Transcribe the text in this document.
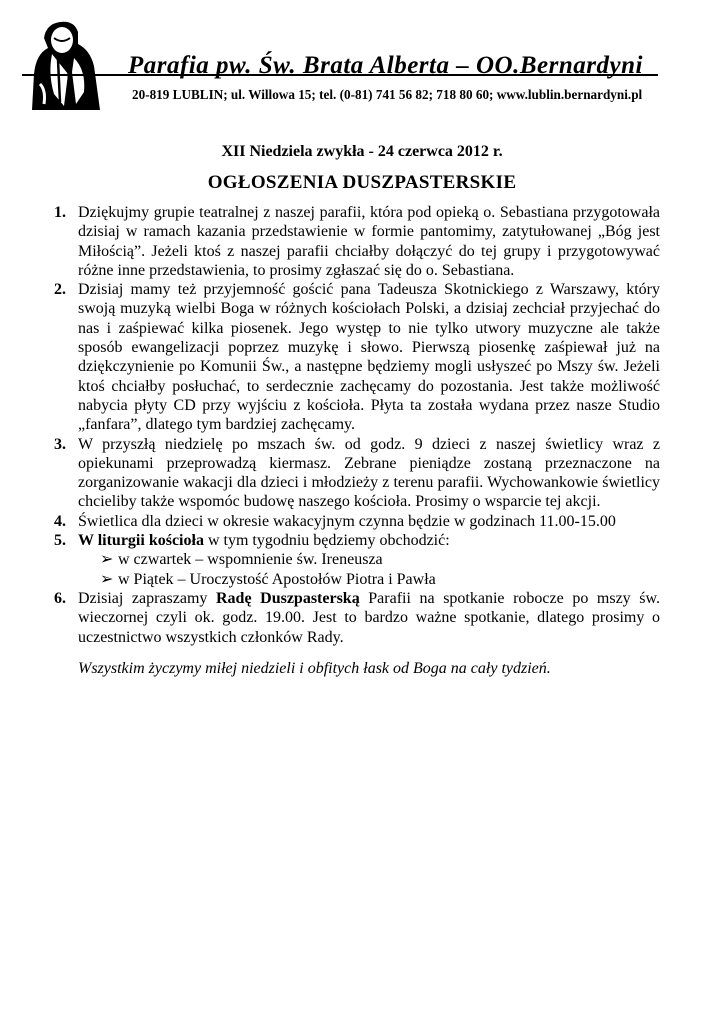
Parafia pw. Św. Brata Alberta – OO.Bernardyni
20-819 LUBLIN; ul. Willowa 15; tel. (0-81) 741 56 82; 718 80 60; www.lublin.bernardyni.pl
XII Niedziela zwykła - 24 czerwca 2012 r.
OGŁOSZENIA DUSZPASTERSKIE
1. Dziękujmy grupie teatralnej z naszej parafii, która pod opieką o. Sebastiana przygotowała dzisiaj w ramach kazania przedstawienie w formie pantomimy, zatytułowanej „Bóg jest Miłością”. Jeżeli ktoś z naszej parafii chciałby dołączyć do tej grupy i przygotowywać różne inne przedstawienia, to prosimy zgłaszać się do o. Sebastiana.
2. Dzisiaj mamy też przyjemność gościć pana Tadeusza Skotnickiego z Warszawy, który swoją muzyką wielbi Boga w różnych kościołach Polski, a dzisiaj zechciał przyjechać do nas i zaśpiewać kilka piosenek. Jego występ to nie tylko utwory muzyczne ale także sposób ewangelizacji poprzez muzykę i słowo. Pierwszą piosenkę zaśpiewał już na dziękczynienie po Komunii Św., a następne będziemy mogli usłyszeć po Mszy św. Jeżeli ktoś chciałby posłuchać, to serdecznie zachęcamy do pozostania. Jest także możliwość nabycia płyty CD przy wyjściu z kościoła. Płyta ta została wydana przez nasze Studio „fanfara”, dlatego tym bardziej zachęcamy.
3. W przyszłą niedzielę po mszach św. od godz. 9 dzieci z naszej świetlicy wraz z opiekunami przeprowadzą kiermasz. Zebrane pieniądze zostaną przeznaczone na zorganizowanie wakacji dla dzieci i młodzieży z terenu parafii. Wychowankowie świetlicy chcieliby także wspomóc budowę naszego kościoła. Prosimy o wsparcie tej akcji.
4. Świetlica dla dzieci w okresie wakacyjnym czynna będzie w godzinach 11.00-15.00
5. W liturgii kościoła w tym tygodniu będziemy obchodzić:
➢ w czwartek – wspomnienie św. Ireneusza
➢ w Piątek – Uroczystość Apostołów Piotra i Pawła
6. Dzisiaj zapraszamy Radę Duszpasterską Parafii na spotkanie robocze po mszy św. wieczornej czyli ok. godz. 19.00. Jest to bardzo ważne spotkanie, dlatego prosimy o uczestnictwo wszystkich członków Rady.
Wszystkim życzymy miłej niedzieli i obfitych łask od Boga na cały tydzień.
